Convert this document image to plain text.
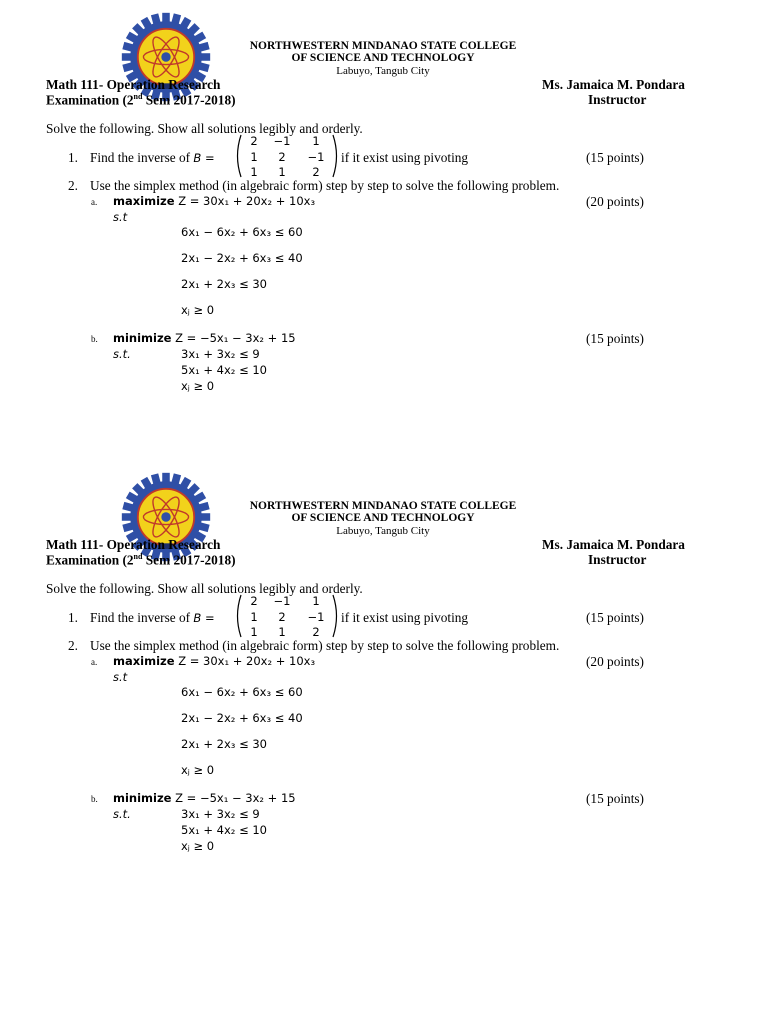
NORTHWESTERN MINDANAO STATE COLLEGE
OF SCIENCE AND TECHNOLOGY
Labuyo, Tangub City
Math 111- Operation Research
Examination (2nd Sem 2017-2018)
Ms. Jamaica M. Pondara
Instructor
Solve the following. Show all solutions legibly and orderly.
1. Find the inverse of B =
2	−1	1
1	2	−1
1	1	2
if it exist using pivoting	(15 points)
2. Use the simplex method (in algebraic form) step by step to solve the following problem.
a. maximize Z = 30x₁ + 20x₂ + 10x₃	(20 points)
s.t
6x₁ − 6x₂ + 6x₃ ≤ 60
2x₁ − 2x₂ + 6x₃ ≤ 40
2x₁ + 2x₃ ≤ 30
xⱼ ≥ 0
b. minimize Z = −5x₁ − 3x₂ + 15	(15 points)
s.t.	3x₁ + 3x₂ ≤ 9
5x₁ + 4x₂ ≤ 10
xⱼ ≥ 0
NORTHWESTERN MINDANAO STATE COLLEGE
OF SCIENCE AND TECHNOLOGY
Labuyo, Tangub City
Math 111- Operation Research
Examination (2nd Sem 2017-2018)
Ms. Jamaica M. Pondara
Instructor
Solve the following. Show all solutions legibly and orderly.
1. Find the inverse of B =
2	−1	1
1	2	−1
1	1	2
if it exist using pivoting	(15 points)
2. Use the simplex method (in algebraic form) step by step to solve the following problem.
a. maximize Z = 30x₁ + 20x₂ + 10x₃	(20 points)
s.t
6x₁ − 6x₂ + 6x₃ ≤ 60
2x₁ − 2x₂ + 6x₃ ≤ 40
2x₁ + 2x₃ ≤ 30
xⱼ ≥ 0
b. minimize Z = −5x₁ − 3x₂ + 15	(15 points)
s.t.	3x₁ + 3x₂ ≤ 9
5x₁ + 4x₂ ≤ 10
xⱼ ≥ 0
